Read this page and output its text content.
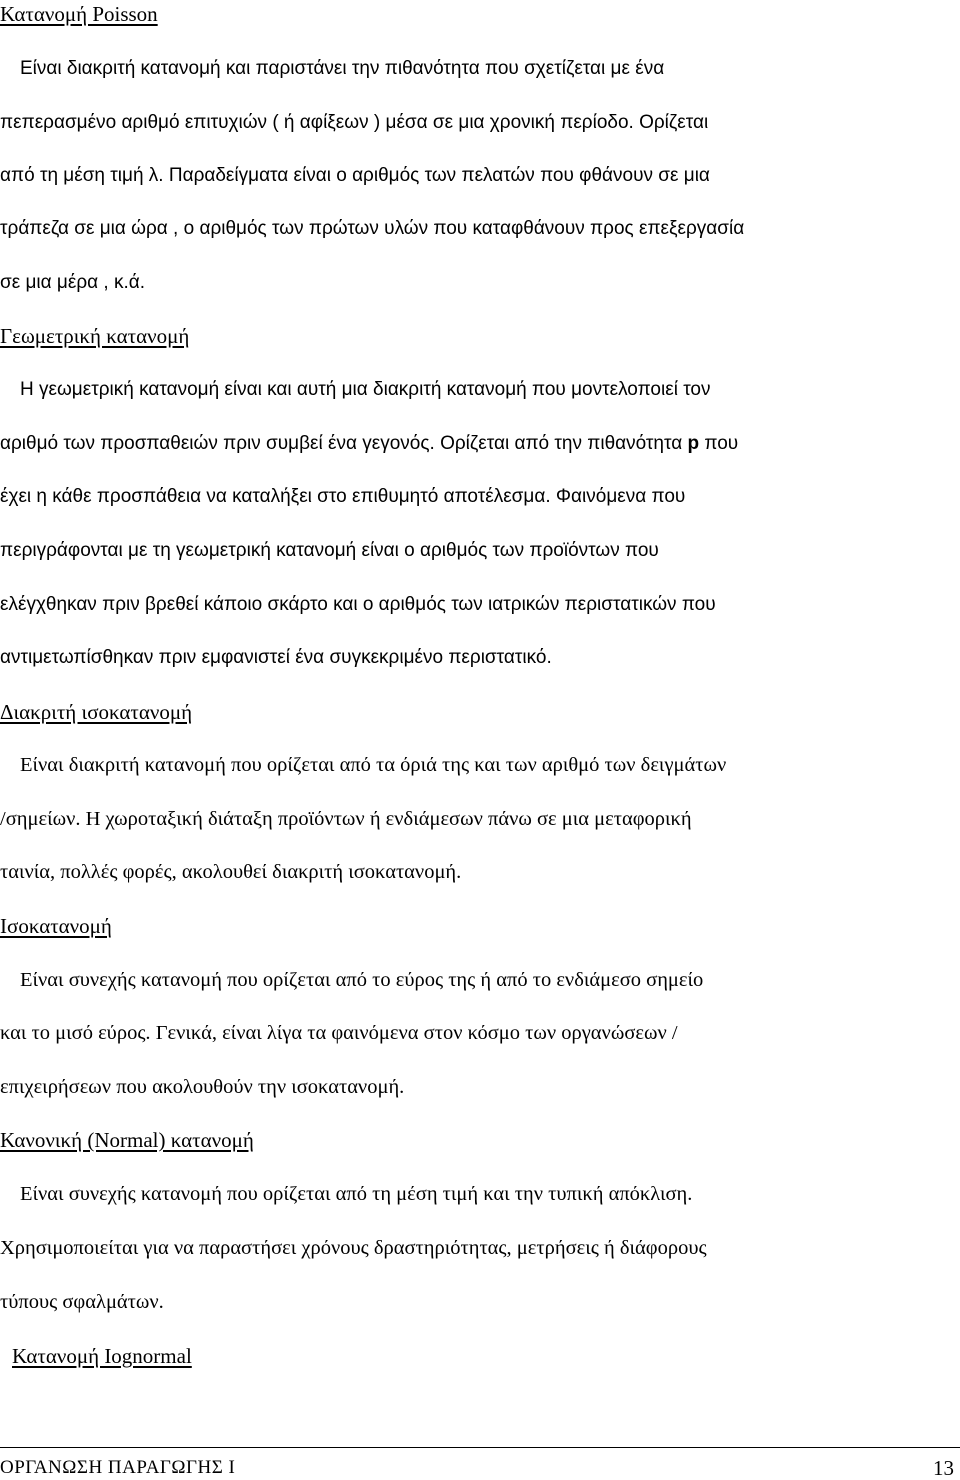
Κατανομή Poisson
Είναι διακριτή κατανομή και παριστάνει την πιθανότητα που σχετίζεται με ένα
πεπερασμένο αριθμό επιτυχιών ( ή αφίξεων ) μέσα σε μια χρονική περίοδο. Ορίζεται
από τη μέση τιμή λ. Παραδείγματα είναι ο αριθμός των πελατών που φθάνουν σε μια
τράπεζα σε μια ώρα , ο αριθμός των πρώτων υλών που καταφθάνουν προς επεξεργασία
σε μια μέρα , κ.ά.
Γεωμετρική κατανομή
Η γεωμετρική κατανομή είναι και αυτή μια διακριτή κατανομή που μοντελοποιεί τον
αριθμό των προσπαθειών πριν συμβεί ένα γεγονός. Ορίζεται από την πιθανότητα p που
έχει η κάθε προσπάθεια να καταλήξει στο επιθυμητό αποτέλεσμα. Φαινόμενα που
περιγράφονται με τη γεωμετρική κατανομή είναι ο αριθμός των προϊόντων που
ελέγχθηκαν πριν βρεθεί κάποιο σκάρτο και ο αριθμός των ιατρικών περιστατικών που
αντιμετωπίσθηκαν πριν εμφανιστεί ένα συγκεκριμένο περιστατικό.
Διακριτή ισοκατανομή
Είναι διακριτή κατανομή που ορίζεται από τα όριά της και των αριθμό των δειγμάτων
/σημείων. Η χωροταξική διάταξη προϊόντων ή ενδιάμεσων πάνω σε μια μεταφορική
ταινία, πολλές φορές, ακολουθεί διακριτή ισοκατανομή.
Ισοκατανομή
Είναι συνεχής κατανομή που ορίζεται από το εύρος της ή από το ενδιάμεσο σημείο
και το μισό εύρος. Γενικά, είναι λίγα τα φαινόμενα στον κόσμο των οργανώσεων /
επιχειρήσεων που ακολουθούν την ισοκατανομή.
Κανονική (Normal) κατανομή
Είναι συνεχής κατανομή που ορίζεται από τη μέση τιμή και την τυπική απόκλιση.
Χρησιμοποιείται για να παραστήσει χρόνους δραστηριότητας, μετρήσεις ή διάφορους
τύπους σφαλμάτων.
Κατανομή Iognormal
ΟΡΓΑΝΩΣΗ ΠΑΡΑΓΩΓΗΣ Ι	13
